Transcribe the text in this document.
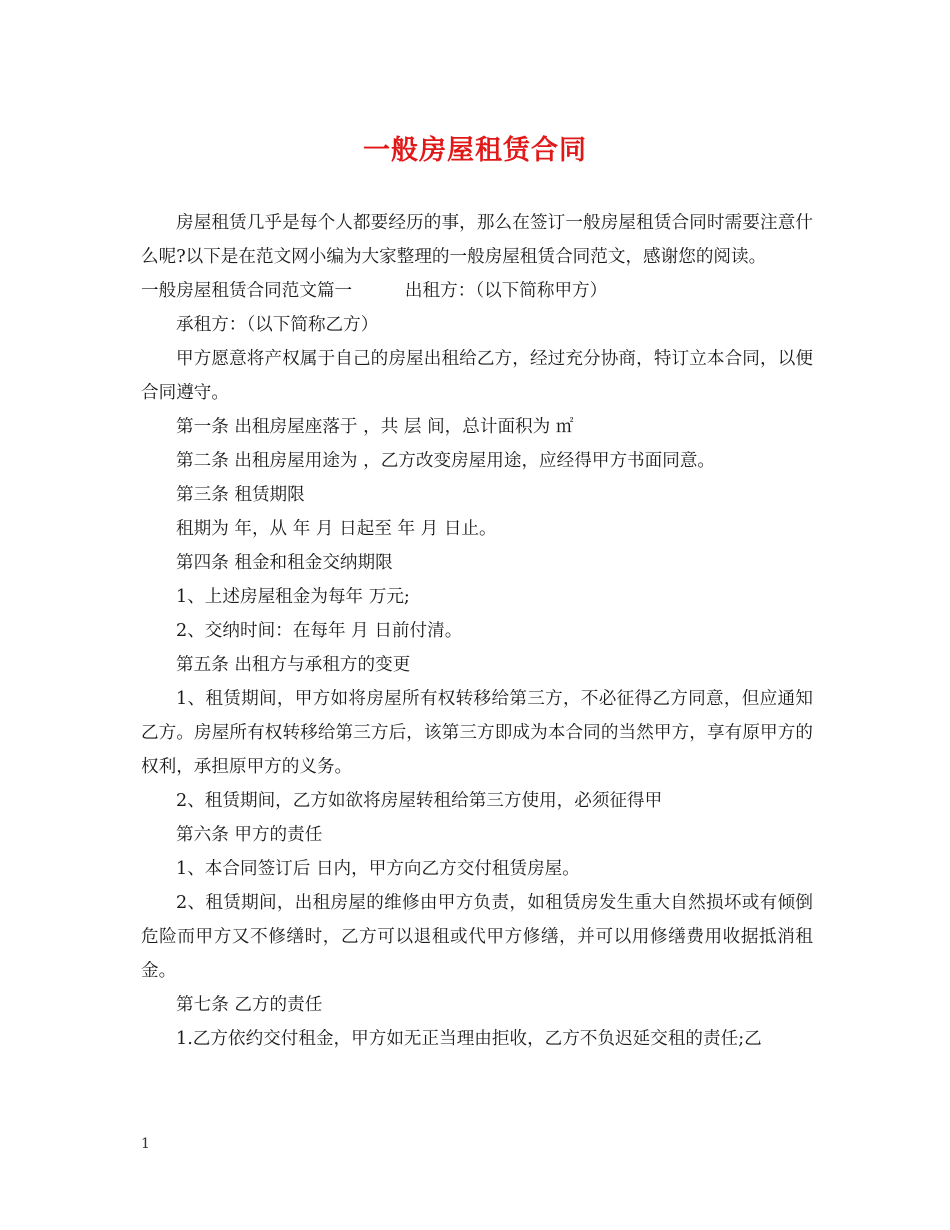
一般房屋租赁合同

房屋租赁几乎是每个人都要经历的事，那么在签订一般房屋租赁合同时需要注意什么呢?以下是在范文网小编为大家整理的一般房屋租赁合同范文，感谢您的阅读。

一般房屋租赁合同范文篇一　　　出租方：（以下简称甲方）

承租方：（以下简称乙方）

甲方愿意将产权属于自己的房屋出租给乙方，经过充分协商，特订立本合同，以便合同遵守。

第一条 出租房屋座落于 ，共 层 间，总计面积为 ㎡

第二条 出租房屋用途为 ，乙方改变房屋用途，应经得甲方书面同意。

第三条 租赁期限

租期为 年，从 年 月 日起至 年 月 日止。

第四条 租金和租金交纳期限

1、上述房屋租金为每年 万元;

2、交纳时间：在每年 月 日前付清。

第五条 出租方与承租方的变更

1、租赁期间，甲方如将房屋所有权转移给第三方，不必征得乙方同意，但应通知乙方。房屋所有权转移给第三方后，该第三方即成为本合同的当然甲方，享有原甲方的权利，承担原甲方的义务。

2、租赁期间，乙方如欲将房屋转租给第三方使用，必须征得甲

第六条 甲方的责任

1、本合同签订后 日内，甲方向乙方交付租赁房屋。

2、租赁期间，出租房屋的维修由甲方负责，如租赁房发生重大自然损坏或有倾倒危险而甲方又不修缮时，乙方可以退租或代甲方修缮，并可以用修缮费用收据抵消租金。

第七条 乙方的责任

1.乙方依约交付租金，甲方如无正当理由拒收，乙方不负迟延交租的责任;乙

1
